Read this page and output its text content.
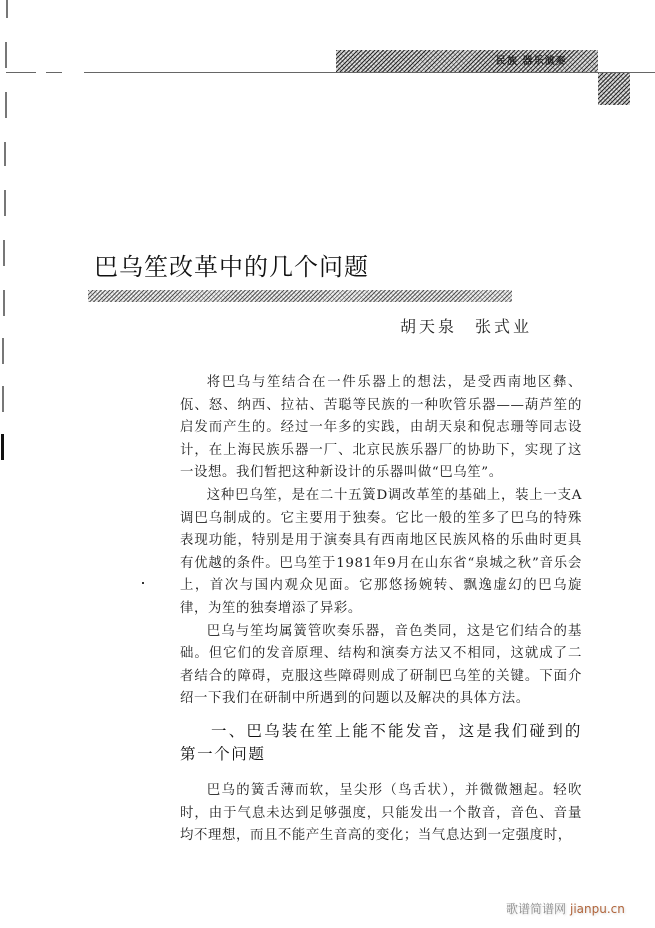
民族 器乐演奏
巴乌笙改革中的几个问题
胡天泉 张式业

将巴乌与笙结合在一件乐器上的想法，是受西南地区彝、佤、怒、纳西、拉祜、苦聪等民族的一种吹管乐器——葫芦笙的启发而产生的。经过一年多的实践，由胡天泉和倪志珊等同志设计，在上海民族乐器一厂、北京民族乐器厂的协助下，实现了这一设想。我们暂把这种新设计的乐器叫做“巴乌笙”。

这种巴乌笙，是在二十五簧D调改革笙的基础上，装上一支A调巴乌制成的。它主要用于独奏。它比一般的笙多了巴乌的特殊表现功能，特别是用于演奏具有西南地区民族风格的乐曲时更具有优越的条件。巴乌笙于1981年9月在山东省“泉城之秋”音乐会上，首次与国内观众见面。它那悠扬婉转、飘逸虚幻的巴乌旋律，为笙的独奏增添了异彩。

巴乌与笙均属簧管吹奏乐器，音色类同，这是它们结合的基础。但它们的发音原理、结构和演奏方法又不相同，这就成了二者结合的障碍，克服这些障碍则成了研制巴乌笙的关键。下面介绍一下我们在研制中所遇到的问题以及解决的具体方法。

一、巴乌装在笙上能不能发音，这是我们碰到的第一个问题

巴乌的簧舌薄而软，呈尖形（鸟舌状），并微微翘起。轻吹时，由于气息未达到足够强度，只能发出一个散音，音色、音量均不理想，而且不能产生音高的变化；当气息达到一定强度时，

歌谱简谱网 jianpu.cn
